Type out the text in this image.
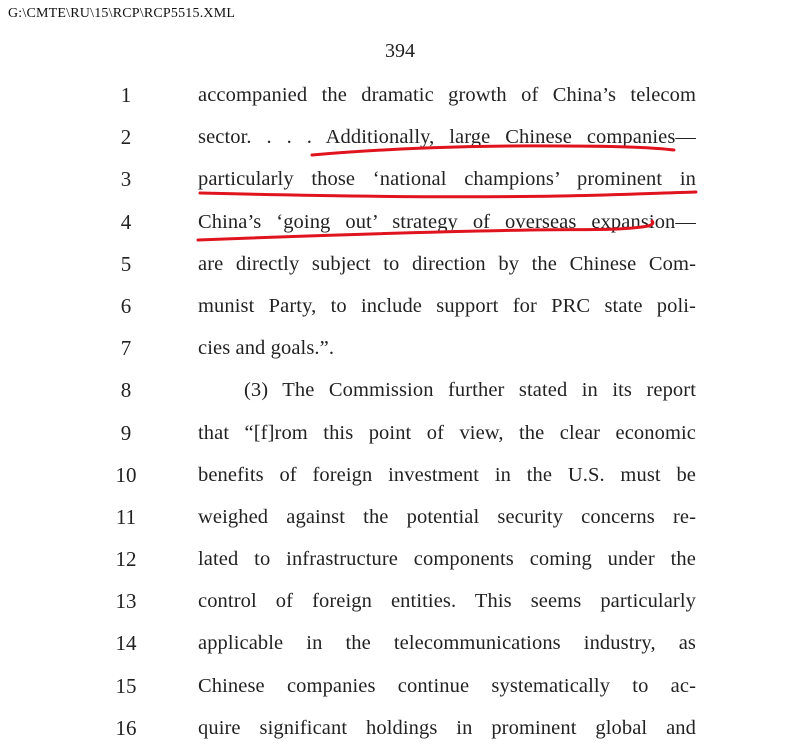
G:\CMTE\RU\15\RCP\RCP5515.XML
394
1
2
3
4
5
6
7
8
9
10
11
12
13
14
15
16
accompanied the dramatic growth of China’s telecom
sector. . . . Additionally, large Chinese companies—
particularly those ‘national champions’ prominent in
China’s ‘going out’ strategy of overseas expansion—
are directly subject to direction by the Chinese Com-
munist Party, to include support for PRC state poli-
cies and goals.”.
(3) The Commission further stated in its report
that “[f]rom this point of view, the clear economic
benefits of foreign investment in the U.S. must be
weighed against the potential security concerns re-
lated to infrastructure components coming under the
control of foreign entities. This seems particularly
applicable in the telecommunications industry, as
Chinese companies continue systematically to ac-
quire significant holdings in prominent global and
